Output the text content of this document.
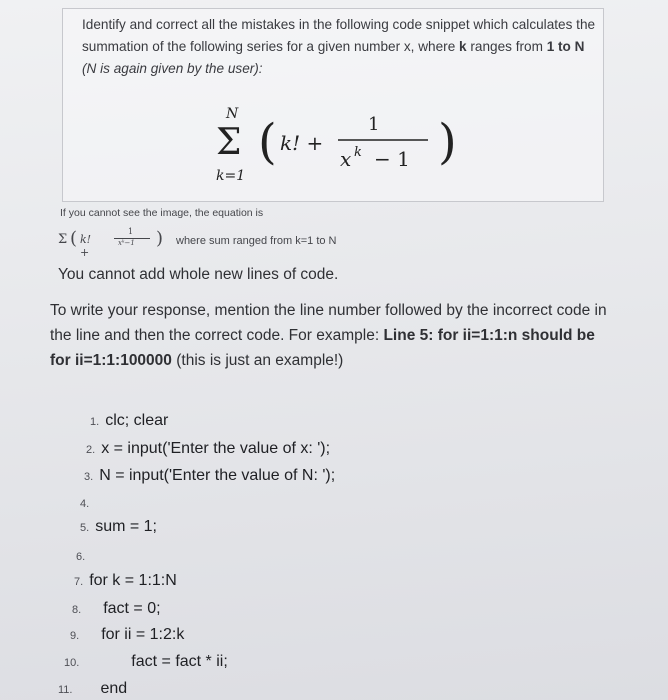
Identify and correct all the mistakes in the following code snippet which calculates the summation of the following series for a given number x, where k ranges from 1 to N (N is again given by the user):
N
Σ
k=1
( k! +
1
x k − 1 )
If you cannot see the image, the equation is
Σ ( k! +
1
xᵏ−1 ) where sum ranged from k=1 to N
You cannot add whole new lines of code.
To write your response, mention the line number followed by the incorrect code in the line and then the correct code. For example: Line 5: for ii=1:1:n should be for ii=1:1:100000 (this is just an example!)
1. clc; clear
2. x = input('Enter the value of x: ');
3. N = input('Enter the value of N: ');
4.
5. sum = 1;
6.
7. for k = 1:1:N
8. fact = 0;
9. for ii = 1:2:k
10.	fact = fact * ii;
11. end
